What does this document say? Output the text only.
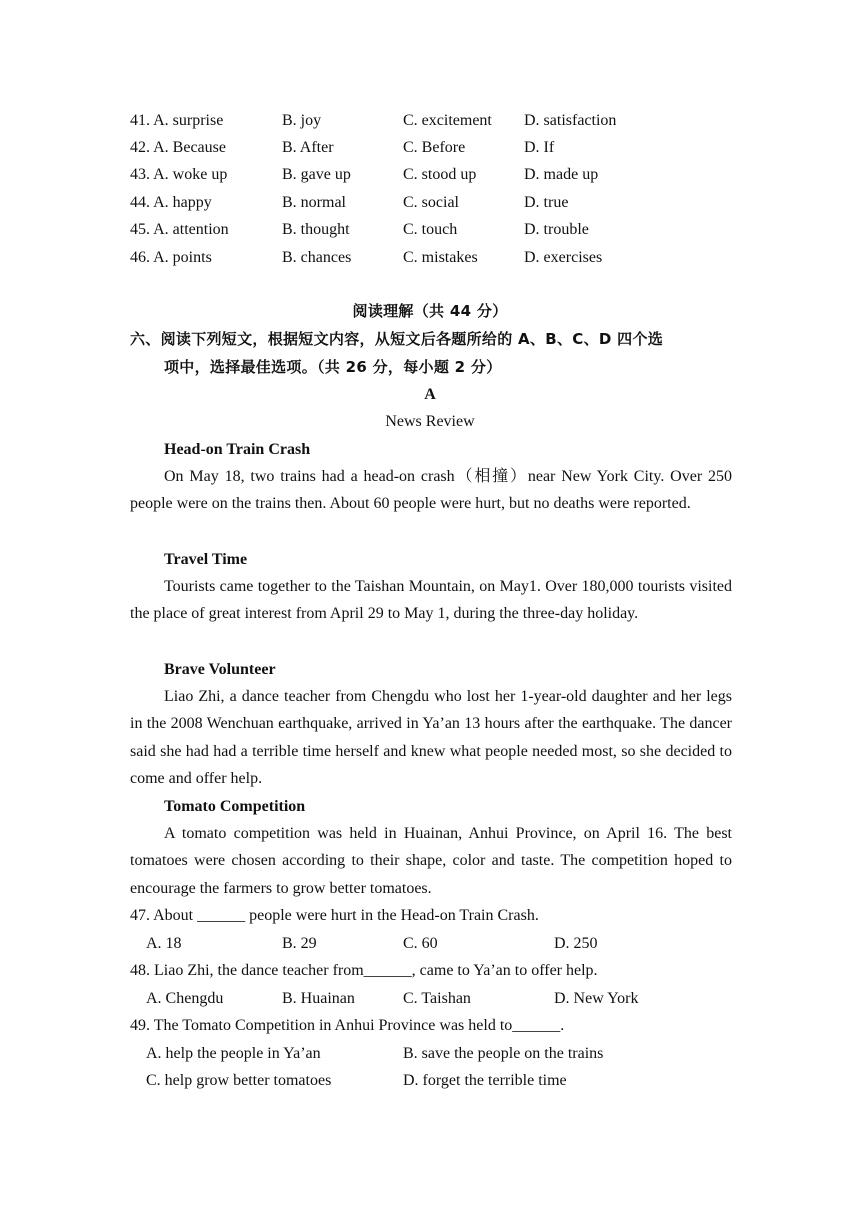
41. A. surprise	B. joy	C. excitement D. satisfaction
42. A. Because	B. After	C. Before	D. If
43. A. woke up	B. gave up	C. stood up	D. made up
44. A. happy	B. normal	C. social	D. true
45. A. attention	B. thought	C. touch	D. trouble
46. A. points	B. chances	C. mistakes	D. exercises
阅读理解（共 44 分）
六、阅读下列短文，根据短文内容，从短文后各题所给的 A、B、C、D 四个选
项中，选择最佳选项。（共 26 分，每小题 2 分）
A
News Review
Head-on Train Crash
On May 18, two trains had a head-on crash（相撞）near New York City. Over 250 people were on the trains then. About 60 people were hurt, but no deaths were reported.
Travel Time
Tourists came together to the Taishan Mountain, on May1. Over 180,000 tourists visited the place of great interest from April 29 to May 1, during the three-day holiday.
Brave Volunteer
Liao Zhi, a dance teacher from Chengdu who lost her 1-year-old daughter and her legs in the 2008 Wenchuan earthquake, arrived in Ya’an 13 hours after the earthquake. The dancer said she had had a terrible time herself and knew what people needed most, so she decided to come and offer help.
Tomato Competition
A tomato competition was held in Huainan, Anhui Province, on April 16. The best tomatoes were chosen according to their shape, color and taste. The competition hoped to encourage the farmers to grow better tomatoes.
47. About ______ people were hurt in the Head-on Train Crash.
A. 18	B. 29	C. 60	D. 250
48. Liao Zhi, the dance teacher from______, came to Ya’an to offer help.
A. Chengdu	B. Huainan	C. Taishan	D. New York
49. The Tomato Competition in Anhui Province was held to______.
A. help the people in Ya’an	B. save the people on the trains
C. help grow better tomatoes	D. forget the terrible time
